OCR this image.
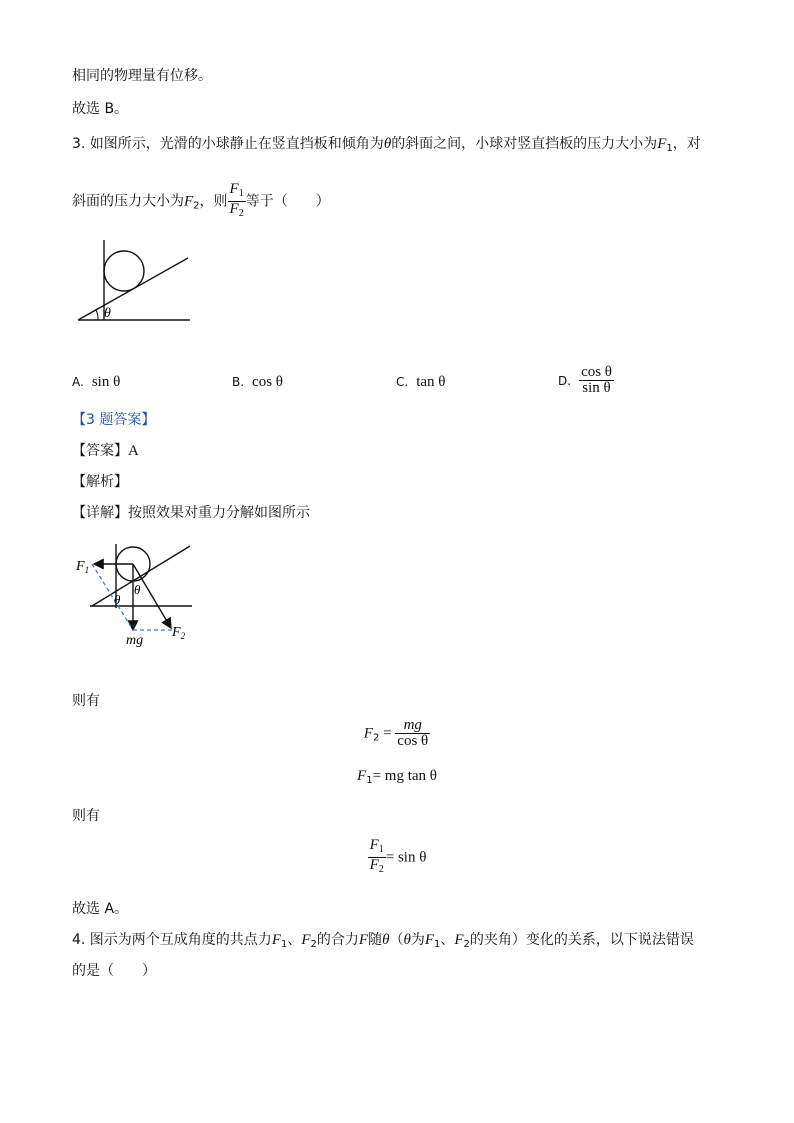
相同的物理量有位移。
故选 B。
3. 如图所示，光滑的小球静止在竖直挡板和倾角为θ的斜面之间，小球对竖直挡板的压力大小为$F_1$，对
斜面的压力大小为$F_2$，则 $\frac{F_1}{F_2}$ 等于（　　）
θ
A. sin θ	B. cos θ	C. tan θ	D. $\frac{\text{cos θ}}{\text{sin θ}}$
【3 题答案】
【答案】A
【解析】
【详解】按照效果对重力分解如图所示
$F_1$
$F_2$
mg
θ
θ
则有
$F_2 = \frac{mg}{\text{cos θ}}$
$F_1=$ mg tan θ
则有
$\frac{F_1}{F_2} = \sin \theta$
故选 A。
4. 图示为两个互成角度的共点力$F_1$、$F_2$的合力F随θ（θ为$F_1$、$F_2$的夹角）变化的关系，以下说法错误
的是（　　）
